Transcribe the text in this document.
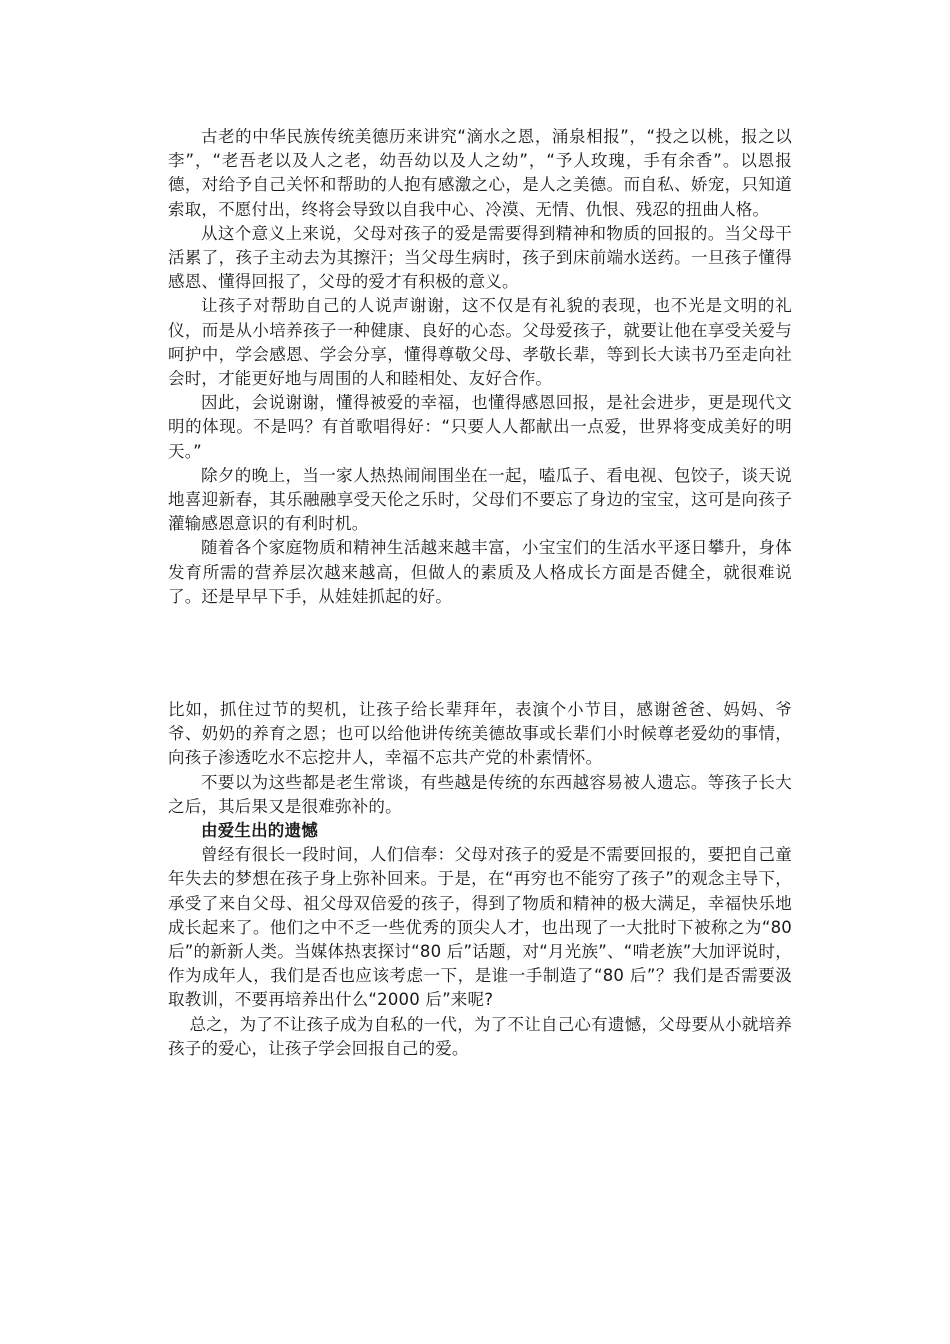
古老的中华民族传统美德历来讲究“滴水之恩，涌泉相报”，“投之以桃，报之以李”，“老吾老以及人之老，幼吾幼以及人之幼”，“予人玫瑰，手有余香”。以恩报德，对给予自己关怀和帮助的人抱有感激之心，是人之美德。而自私、娇宠，只知道索取，不愿付出，终将会导致以自我中心、冷漠、无情、仇恨、残忍的扭曲人格。

从这个意义上来说，父母对孩子的爱是需要得到精神和物质的回报的。当父母干活累了，孩子主动去为其擦汗；当父母生病时，孩子到床前端水送药。一旦孩子懂得感恩、懂得回报了，父母的爱才有积极的意义。

让孩子对帮助自己的人说声谢谢，这不仅是有礼貌的表现，也不光是文明的礼仪，而是从小培养孩子一种健康、良好的心态。父母爱孩子，就要让他在享受关爱与呵护中，学会感恩、学会分享，懂得尊敬父母、孝敬长辈，等到长大读书乃至走向社会时，才能更好地与周围的人和睦相处、友好合作。

因此，会说谢谢，懂得被爱的幸福，也懂得感恩回报，是社会进步，更是现代文明的体现。不是吗？有首歌唱得好：“只要人人都献出一点爱，世界将变成美好的明天。”

除夕的晚上，当一家人热热闹闹围坐在一起，嗑瓜子、看电视、包饺子，谈天说地喜迎新春，其乐融融享受天伦之乐时，父母们不要忘了身边的宝宝，这可是向孩子灌输感恩意识的有利时机。

随着各个家庭物质和精神生活越来越丰富，小宝宝们的生活水平逐日攀升，身体发育所需的营养层次越来越高，但做人的素质及人格成长方面是否健全，就很难说了。还是早早下手，从娃娃抓起的好。

比如，抓住过节的契机，让孩子给长辈拜年，表演个小节目，感谢爸爸、妈妈、爷爷、奶奶的养育之恩；也可以给他讲传统美德故事或长辈们小时候尊老爱幼的事情，向孩子渗透吃水不忘挖井人，幸福不忘共产党的朴素情怀。

不要以为这些都是老生常谈，有些越是传统的东西越容易被人遗忘。等孩子长大之后，其后果又是很难弥补的。

由爱生出的遗憾

曾经有很长一段时间，人们信奉：父母对孩子的爱是不需要回报的，要把自己童年失去的梦想在孩子身上弥补回来。于是，在“再穷也不能穷了孩子”的观念主导下，承受了来自父母、祖父母双倍爱的孩子，得到了物质和精神的极大满足，幸福快乐地成长起来了。他们之中不乏一些优秀的顶尖人才，也出现了一大批时下被称之为“80后”的新新人类。当媒体热衷探讨“80 后”话题，对“月光族”、“啃老族”大加评说时，作为成年人，我们是否也应该考虑一下，是谁一手制造了“80 后”？我们是否需要汲取教训，不要再培养出什么“2000 后”来呢?

总之，为了不让孩子成为自私的一代，为了不让自己心有遗憾，父母要从小就培养孩子的爱心，让孩子学会回报自己的爱。
